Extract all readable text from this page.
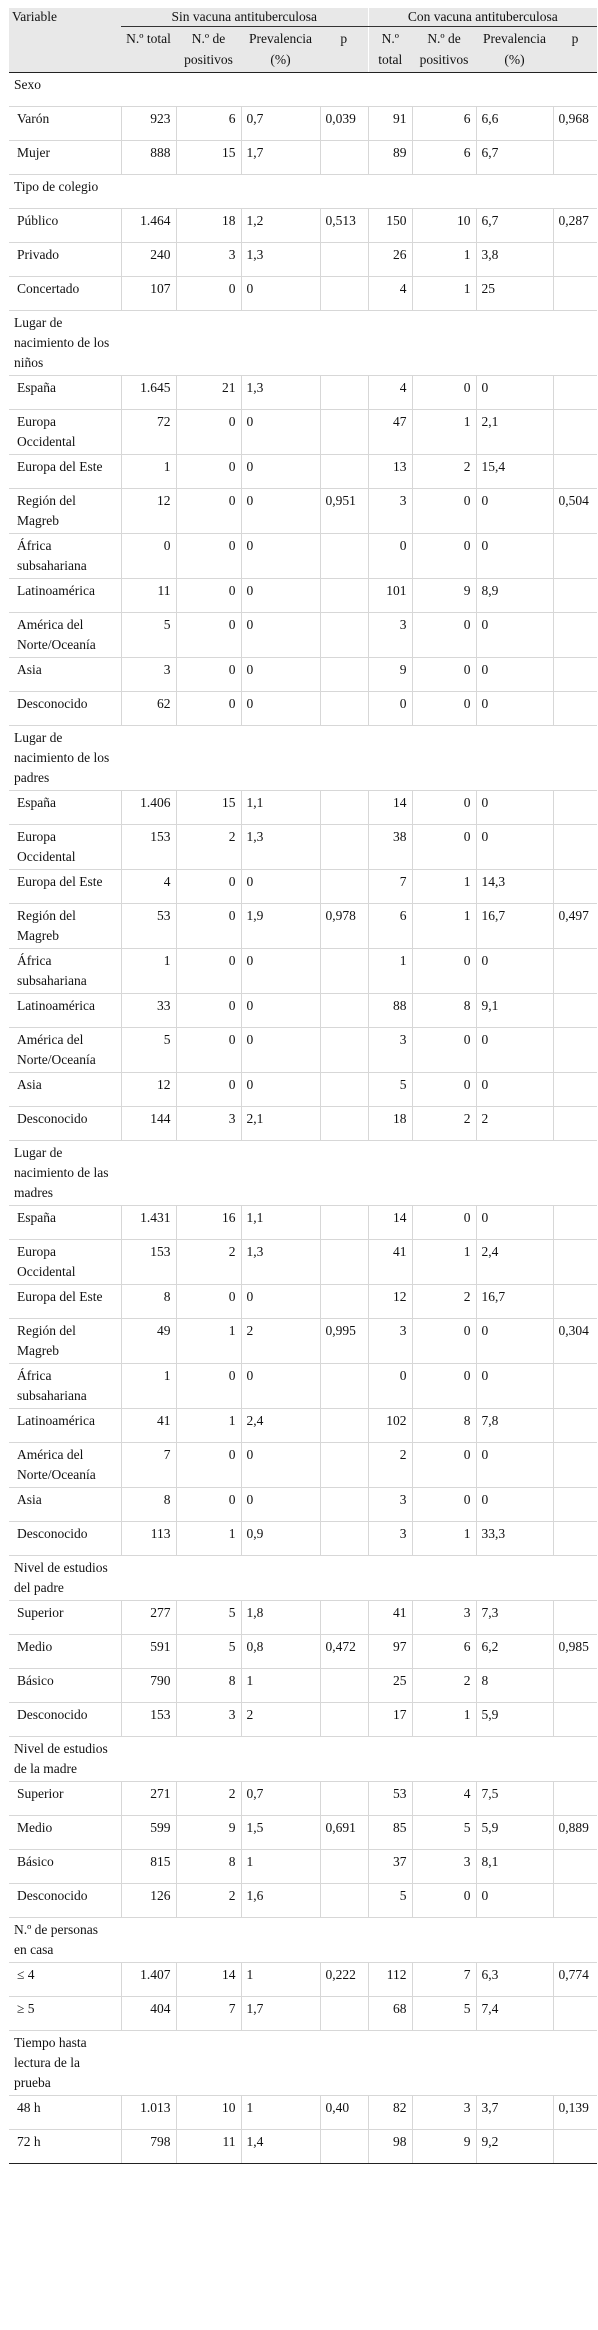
Variable	Sin vacuna antituberculosa				Con vacuna antituberculosa			
	N.º total	N.º de positivos	Prevalencia (%)	p	N.º total	N.º de positivos	Prevalencia (%)	p

Sexo								

Varón	923	6	0,7	0,039	91	6	6,6	0,968
Mujer	888	15	1,7		89	6	6,7	

Tipo de colegio								

Público	1.464	18	1,2	0,513	150	10	6,7	0,287
Privado	240	3	1,3		26	1	3,8	
Concertado	107	0	0		4	1	25	

Lugar de nacimiento de los niños								

España	1.645	21	1,3		4	0	0	
Europa Occidental	72	0	0		47	1	2,1	
Europa del Este	1	0	0		13	2	15,4	
Región del Magreb	12	0	0	0,951	3	0	0	0,504
África subsahariana	0	0	0		0	0	0	
Latinoamérica	11	0	0		101	9	8,9	
América del Norte/Oceanía	5	0	0		3	0	0	
Asia	3	0	0		9	0	0	
Desconocido	62	0	0		0	0	0	

Lugar de nacimiento de los padres								

España	1.406	15	1,1		14	0	0	
Europa Occidental	153	2	1,3		38	0	0	
Europa del Este	4	0	0		7	1	14,3	
Región del Magreb	53	0	1,9	0,978	6	1	16,7	0,497
África subsahariana	1	0	0		1	0	0	
Latinoamérica	33	0	0		88	8	9,1	
América del Norte/Oceanía	5	0	0		3	0	0	
Asia	12	0	0		5	0	0	
Desconocido	144	3	2,1		18	2	2	

Lugar de nacimiento de las madres								

España	1.431	16	1,1		14	0	0	
Europa Occidental	153	2	1,3		41	1	2,4	
Europa del Este	8	0	0		12	2	16,7	
Región del Magreb	49	1	2	0,995	3	0	0	0,304
África subsahariana	1	0	0		0	0	0	
Latinoamérica	41	1	2,4		102	8	7,8	
América del Norte/Oceanía	7	0	0		2	0	0	
Asia	8	0	0		3	0	0	
Desconocido	113	1	0,9		3	1	33,3	

Nivel de estudios del padre								

Superior	277	5	1,8		41	3	7,3	
Medio	591	5	0,8	0,472	97	6	6,2	0,985
Básico	790	8	1		25	2	8	
Desconocido	153	3	2		17	1	5,9	

Nivel de estudios de la madre								

Superior	271	2	0,7		53	4	7,5	
Medio	599	9	1,5	0,691	85	5	5,9	0,889
Básico	815	8	1		37	3	8,1	
Desconocido	126	2	1,6		5	0	0	

N.º de personas en casa								

≤ 4	1.407	14	1	0,222	112	7	6,3	0,774
≥ 5	404	7	1,7		68	5	7,4	

Tiempo hasta lectura de la prueba								

48 h	1.013	10	1	0,40	82	3	3,7	0,139
72 h	798	11	1,4		98	9	9,2	
